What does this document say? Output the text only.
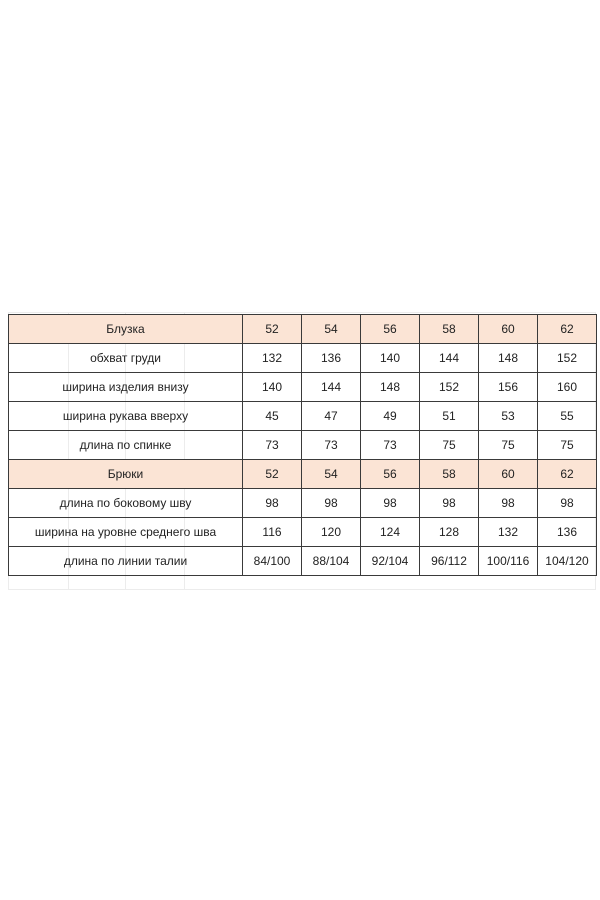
Блузка	52	54	56	58	60	62
обхват груди	132	136	140	144	148	152
ширина изделия внизу	140	144	148	152	156	160
ширина рукава вверху	45	47	49	51	53	55
длина по спинке	73	73	73	75	75	75
Брюки	52	54	56	58	60	62
длина по боковому шву	98	98	98	98	98	98
ширина на уровне среднего шва	116	120	124	128	132	136
длина по линии талии	84/100	88/104	92/104	96/112	100/116	104/120
